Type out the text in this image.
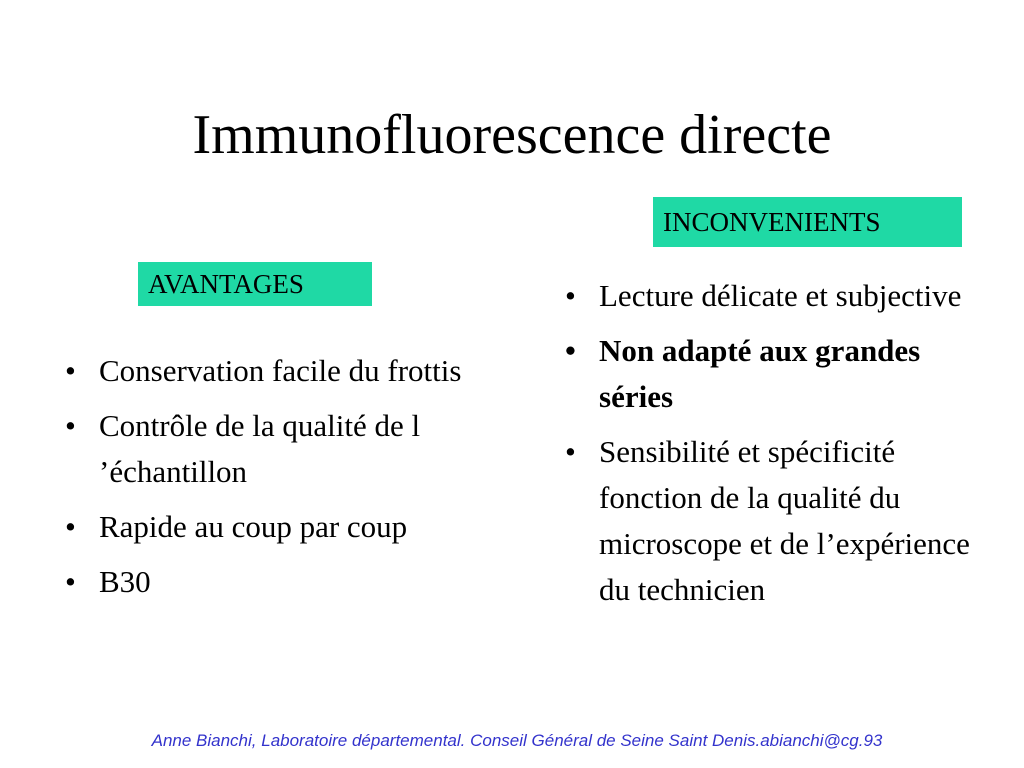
Immunofluorescence directe
INCONVENIENTS
AVANTAGES
• Conservation facile du frottis
• Contrôle de la qualité de l ’échantillon
• Rapide au coup par coup
• B30
• Lecture délicate et subjective
• Non adapté aux grandes séries
• Sensibilité et spécificité fonction de la qualité du microscope et de l’expérience du technicien
Anne Bianchi, Laboratoire départemental. Conseil Général de Seine Saint Denis.abianchi@cg.93
